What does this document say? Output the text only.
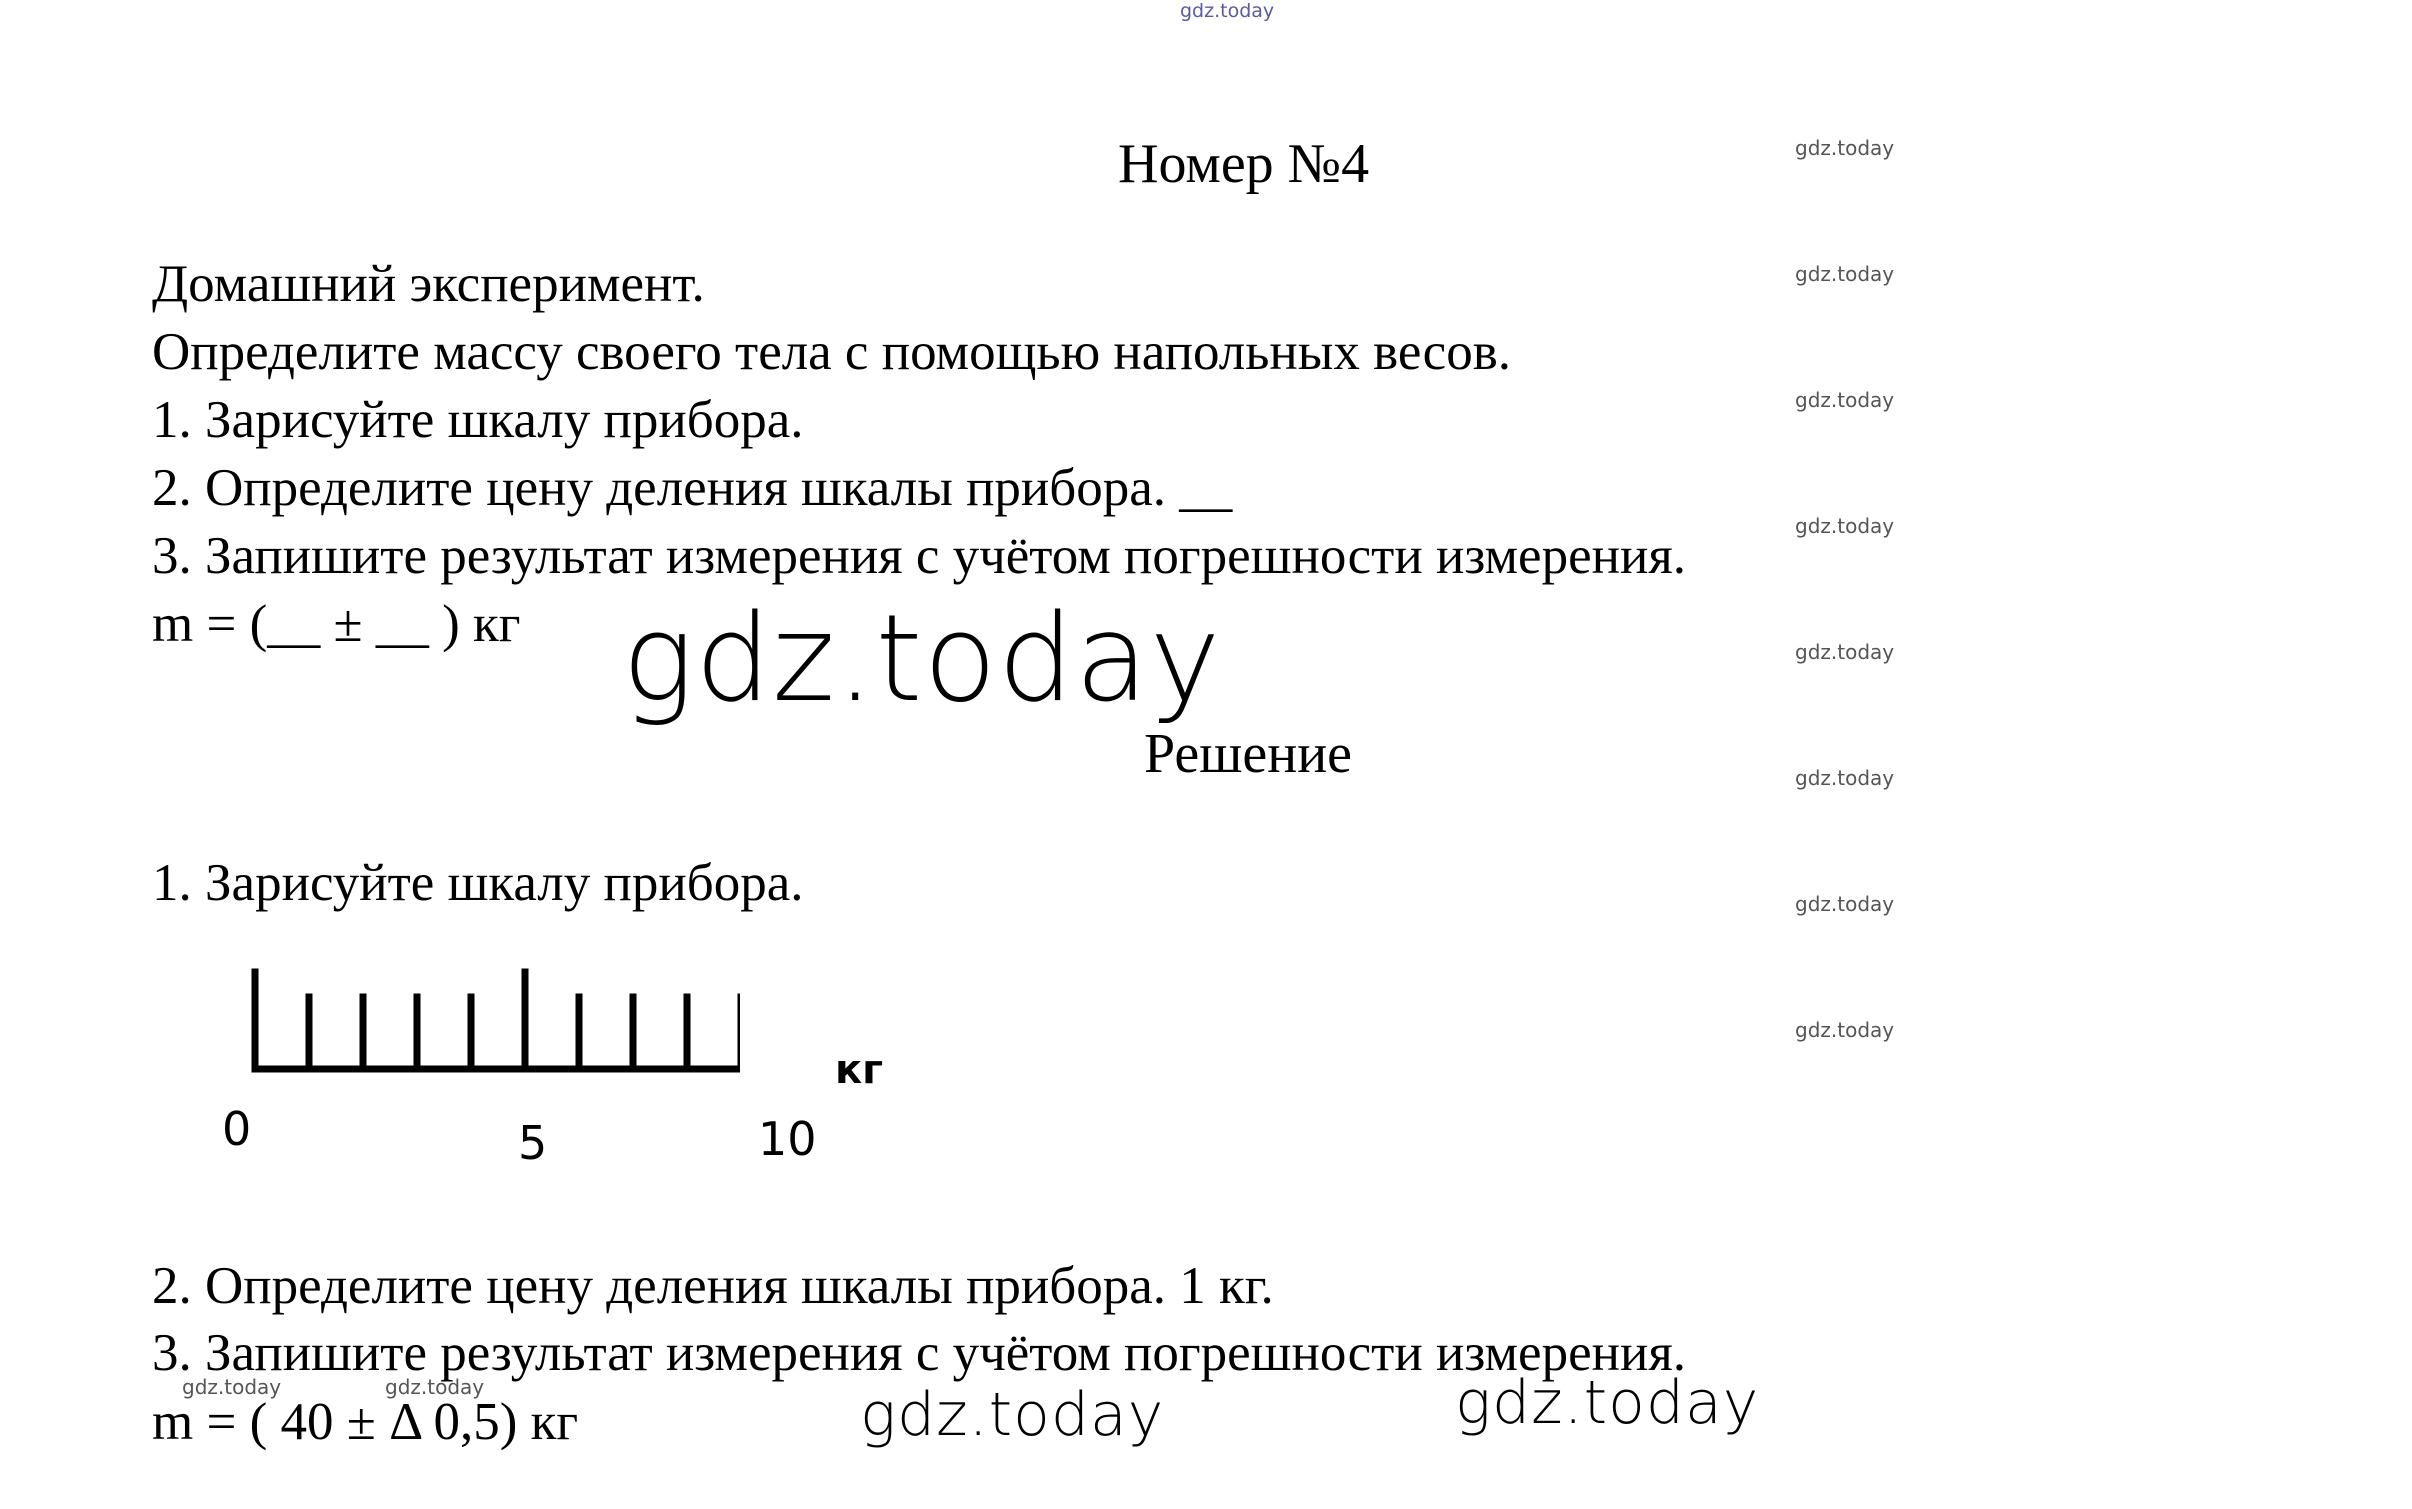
gdz.today
gdz.today
gdz.today
gdz.today
gdz.today
gdz.today
gdz.today
gdz.today
gdz.today
Номер №4
Домашний эксперимент.
Определите массу своего тела с помощью напольных весов.
1. Зарисуйте шкалу прибора.
2. Определите цену деления шкалы прибора. __
3. Запишите результат измерения с учётом погрешности измерения.
m = (__ ± __ ) кг gdz.today
Решение
1. Зарисуйте шкалу прибора.
кг
0	5	10
2. Определите цену деления шкалы прибора. 1 кг.
3. Запишите результат измерения с учётом погрешности измерения.
m = ( 40 ± Δ 0,5) кг
gdz.today	gdz.today	gdz.today	gdz.today
